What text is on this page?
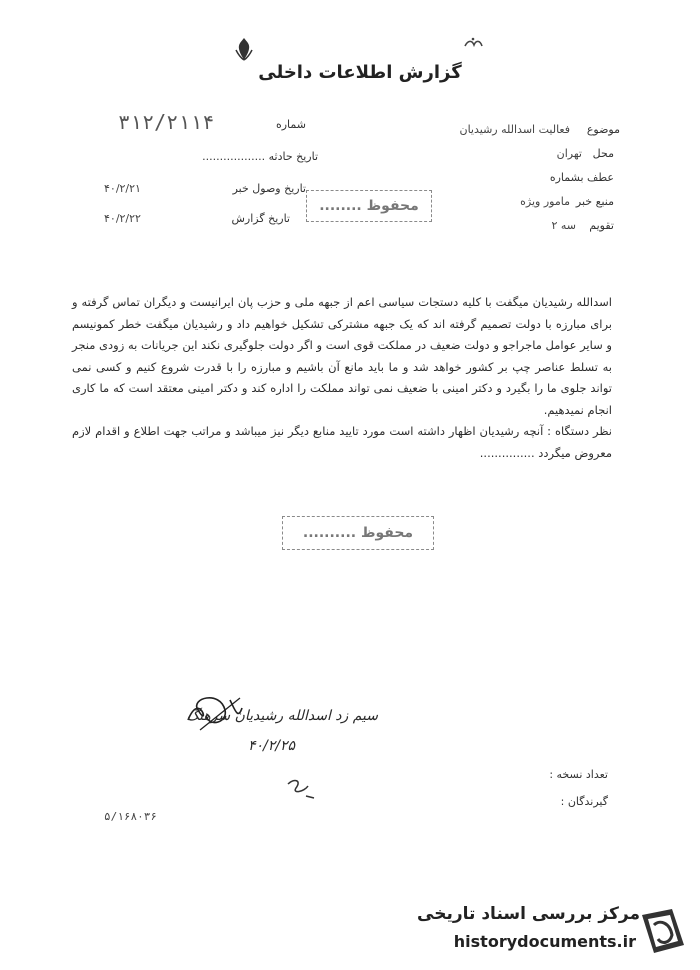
گزارش اطلاعات داخلی
شماره
۳۱۲/۲۱۱۴
تاریخ حادثه ..................
تاریخ وصول خبر
۴۰/۲/۲۱
تاریخ گزارش
۴۰/۲/۲۲
موضوع
فعالیت اسدالله رشیدیان
محل
تهران
عطف بشماره
منبع خبر
مامور ویژه
تقویم
سه ۲
محفوظ ........
اسدالله رشیدیان میگفت با کلیه دستجات سیاسی اعم از جبهه ملی و حزب پان ایرانیست و دیگران تماس گرفته و برای مبارزه با دولت تصمیم گرفته اند که یک جبهه مشترکی تشکیل خواهیم داد و رشیدیان میگفت خطر کمونیسم و سایر عوامل ماجراجو و دولت ضعیف در مملکت قوی است و اگر دولت جلوگیری نکند این جریانات به زودی منجر به تسلط عناصر چپ بر کشور خواهد شد و ما باید مانع آن باشیم و مبارزه را با قدرت شروع کنیم و کسی نمی تواند جلوی ما را بگیرد و دکتر امینی با ضعیف نمی تواند مملکت را اداره کند و دکتر امینی معتقد است که ما کاری انجام نمیدهیم.
نظر دستگاه : آنچه رشیدیان اظهار داشته است مورد تایید منابع دیگر نیز میباشد و مراتب جهت اطلاع و اقدام لازم معروض میگردد ...............
محفوظ ..........
سیم زد اسدالله رشیدیان سرهنگ
۴۰/۲/۲۵
تعداد نسخه :
گیرندگان :
۵/۱۶۸۰۳۶
مرکز بررسی اسناد تاریخی
historydocuments.ir
